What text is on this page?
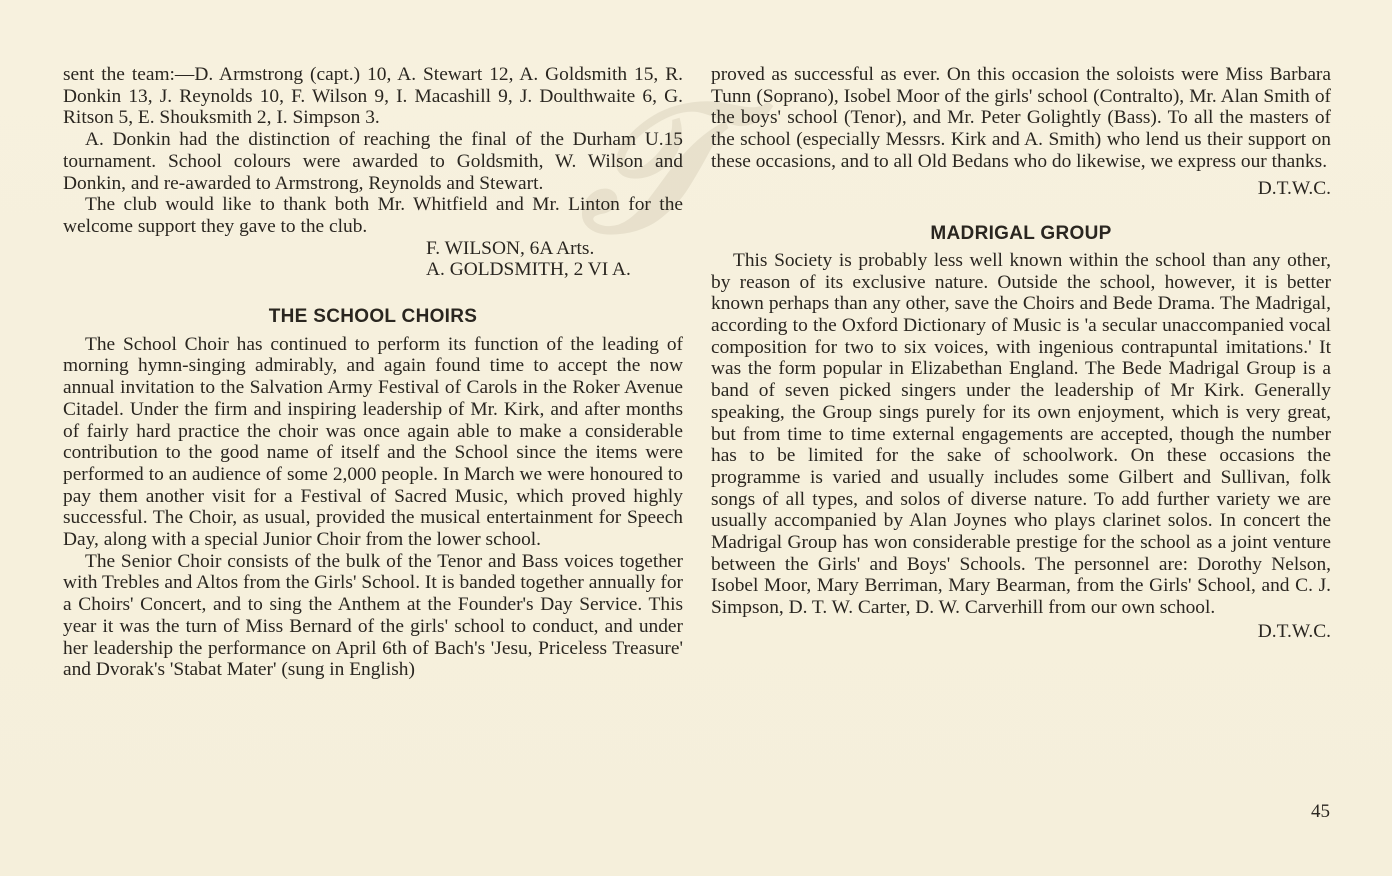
𝒯

sent the team:—D. Armstrong (capt.) 10, A. Stewart 12, A. Goldsmith 15, R. Donkin 13, J. Reynolds 10, F. Wilson 9, I. Macashill 9, J. Doulthwaite 6, G. Ritson 5, E. Shouksmith 2, I. Simpson 3.

A. Donkin had the distinction of reaching the final of the Durham U.15 tournament. School colours were awarded to Goldsmith, W. Wilson and Donkin, and re-awarded to Armstrong, Reynolds and Stewart.

The club would like to thank both Mr. Whitfield and Mr. Linton for the welcome support they gave to the club.

F. WILSON, 6A Arts.
A. GOLDSMITH, 2 VI A.

THE SCHOOL CHOIRS

The School Choir has continued to perform its function of the leading of morning hymn-singing admirably, and again found time to accept the now annual invitation to the Salvation Army Festival of Carols in the Roker Avenue Citadel. Under the firm and inspiring leadership of Mr. Kirk, and after months of fairly hard practice the choir was once again able to make a considerable contribution to the good name of itself and the School since the items were performed to an audience of some 2,000 people. In March we were honoured to pay them another visit for a Festival of Sacred Music, which proved highly successful. The Choir, as usual, provided the musical entertainment for Speech Day, along with a special Junior Choir from the lower school.

The Senior Choir consists of the bulk of the Tenor and Bass voices together with Trebles and Altos from the Girls' School. It is banded together annually for a Choirs' Concert, and to sing the Anthem at the Founder's Day Service. This year it was the turn of Miss Bernard of the girls' school to conduct, and under her leadership the performance on April 6th of Bach's 'Jesu, Priceless Treasure' and Dvorak's 'Stabat Mater' (sung in English)

proved as successful as ever. On this occasion the soloists were Miss Barbara Tunn (Soprano), Isobel Moor of the girls' school (Contralto), Mr. Alan Smith of the boys' school (Tenor), and Mr. Peter Golightly (Bass). To all the masters of the school (especially Messrs. Kirk and A. Smith) who lend us their support on these occasions, and to all Old Bedans who do likewise, we express our thanks.

D.T.W.C.

MADRIGAL GROUP

This Society is probably less well known within the school than any other, by reason of its exclusive nature. Outside the school, however, it is better known perhaps than any other, save the Choirs and Bede Drama. The Madrigal, according to the Oxford Dictionary of Music is 'a secular unaccompanied vocal composition for two to six voices, with ingenious contrapuntal imitations.' It was the form popular in Elizabethan England. The Bede Madrigal Group is a band of seven picked singers under the leadership of Mr Kirk. Generally speaking, the Group sings purely for its own enjoyment, which is very great, but from time to time external engagements are accepted, though the number has to be limited for the sake of schoolwork. On these occasions the programme is varied and usually includes some Gilbert and Sullivan, folk songs of all types, and solos of diverse nature. To add further variety we are usually accompanied by Alan Joynes who plays clarinet solos. In concert the Madrigal Group has won considerable prestige for the school as a joint venture between the Girls' and Boys' Schools. The personnel are: Dorothy Nelson, Isobel Moor, Mary Berriman, Mary Bearman, from the Girls' School, and C. J. Simpson, D. T. W. Carter, D. W. Carverhill from our own school.

D.T.W.C.

45
